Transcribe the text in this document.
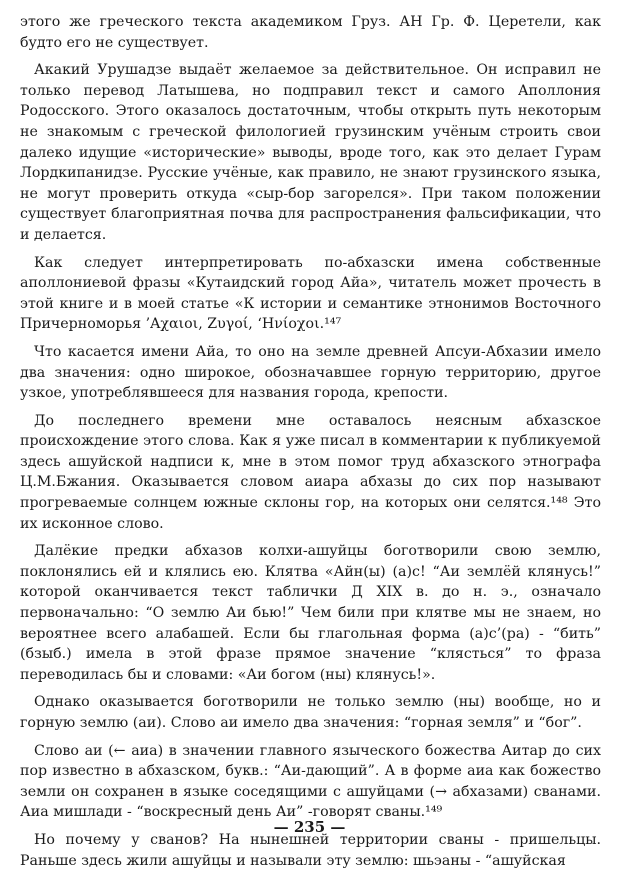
этого же греческого текста академиком Груз. АН Гр. Ф. Церетели, как будто его не существует.

Акакий Урушадзе выдаёт желаемое за действительное. Он исправил не только перевод Латышева, но подправил текст и самого Аполлония Родосского. Этого оказалось достаточным, чтобы открыть путь некоторым не знакомым с греческой филологией грузинским учёным строить свои далеко идущие «исторические» выводы, вроде того, как это делает Гурам Лордкипанидзе. Русские учёные, как правило, не знают грузинского языка, не могут проверить откуда «сыр-бор загорелся». При таком положении существует благоприятная почва для распространения фальсификации, что и делается.

Как следует интерпретировать по-абхазски имена собственные аполлониевой фразы «Кутаидский город Айа», читатель может прочесть в этой книге и в моей статье «К истории и семантике этнонимов Восточного Причерноморья ’Αχαιοι, Ζυγοί, ‘Ηνίοχοι.¹⁴⁷

Что касается имени Айа, то оно на земле древней Апсуи-Абхазии имело два значения: одно широкое, обозначавшее горную территорию, другое узкое, употреблявшееся для названия города, крепости.

До последнего времени мне оставалось неясным абхазское происхождение этого слова. Как я уже писал в комментарии к публикуемой здесь ашуйской надписи к, мне в этом помог труд абхазского этнографа Ц.М.Бжания. Оказывается словом аиара абхазы до сих пор называют прогреваемые солнцем южные склоны гор, на которых они селятся.¹⁴⁸ Это их исконное слово.

Далёкие предки абхазов колхи-ашуйцы боготворили свою землю, поклонялись ей и клялись ею. Клятва «Айн(ы) (а)с! “Аи землёй клянусь!” которой оканчивается текст таблички Д XIX в. до н. э., означало первоначально: “О землю Аи бью!” Чем били при клятве мы не знаем, но вероятнее всего алабашей. Если бы глагольная форма (а)с’(ра) - “бить” (бзыб.) имела в этой фразе прямое значение “клясться” то фраза переводилась бы и словами: «Аи богом (ны) клянусь!».

Однако оказывается боготворили не только землю (ны) вообще, но и горную землю (аи). Слово аи имело два значения: “горная земля” и “бог”.

Слово аи (← аиа) в значении главного языческого божества Аитар до сих пор известно в абхазском, букв.: “Аи-дающий”. А в форме аиа как божество земли он сохранен в языке соседящими с ашуйцами (→ абхазами) сванами. Аиа мишлади - “воскресный день Аи” -говорят сваны.¹⁴⁹

Но почему у сванов? На нынешней территории сваны - пришельцы. Раньше здесь жили ашуйцы и называли эту землю: шьэаны - “ашуйская

— 235 —
